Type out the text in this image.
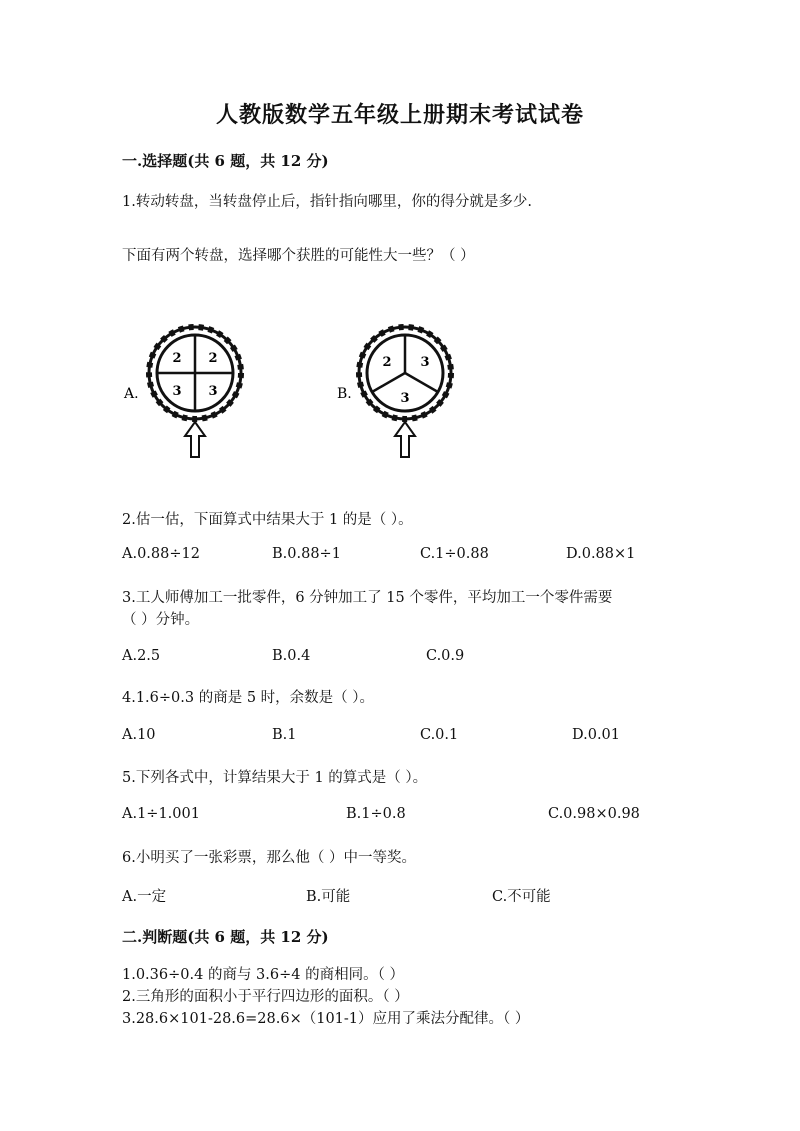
人教版数学五年级上册期末考试试卷
一.选择题(共 6 题，共 12 分)
1.转动转盘，当转盘停止后，指针指向哪里，你的得分就是多少.
下面有两个转盘，选择哪个获胜的可能性大一些？（ ）
A.
2 2
3 3	B.
2 3
3
2.估一估，下面算式中结果大于 1 的是（ ）。
A.0.88÷12	B.0.88÷1	C.1÷0.88	D.0.88×1
3.工人师傅加工一批零件，6 分钟加工了 15 个零件，平均加工一个零件需要
（ ）分钟。
A.2.5	B.0.4	C.0.9
4.1.6÷0.3 的商是 5 时，余数是（ ）。
A.10	B.1	C.0.1	D.0.01
5.下列各式中，计算结果大于 1 的算式是（ ）。
A.1÷1.001	B.1÷0.8	C.0.98×0.98
6.小明买了一张彩票，那么他（ ）中一等奖。
A.一定	B.可能	C.不可能
二.判断题(共 6 题，共 12 分)
1.0.36÷0.4 的商与 3.6÷4 的商相同。（ ）
2.三角形的面积小于平行四边形的面积。（ ）
3.28.6×101-28.6=28.6×（101-1）应用了乘法分配律。（ ）
